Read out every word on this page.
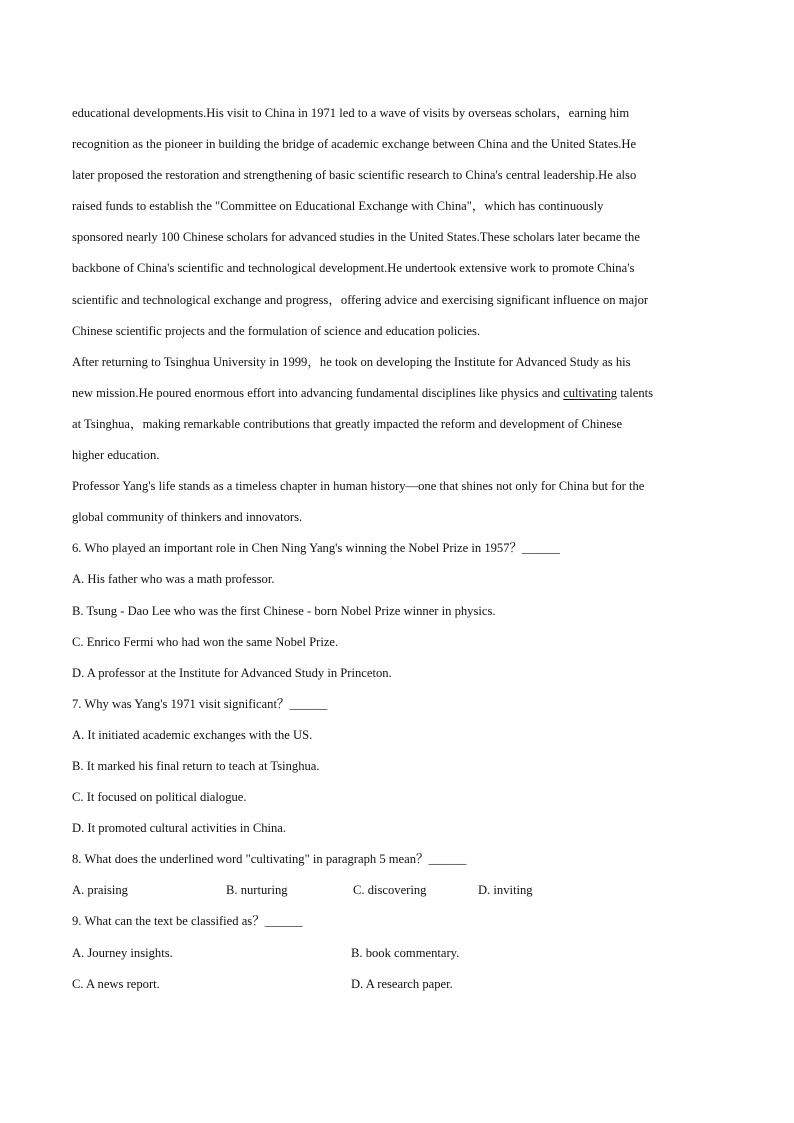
educational developments.His visit to China in 1971 led to a wave of visits by overseas scholars，earning him
recognition as the pioneer in building the bridge of academic exchange between China and the United States.He
later proposed the restoration and strengthening of basic scientific research to China's central leadership.He also
raised funds to establish the "Committee on Educational Exchange with China"，which has continuously
sponsored nearly 100 Chinese scholars for advanced studies in the United States.These scholars later became the
backbone of China's scientific and technological development.He undertook extensive work to promote China's
scientific and technological exchange and progress，offering advice and exercising significant influence on major
Chinese scientific projects and the formulation of science and education policies.
After returning to Tsinghua University in 1999，he took on developing the Institute for Advanced Study as his
new mission.He poured enormous effort into advancing fundamental disciplines like physics and cultivating talents
at Tsinghua，making remarkable contributions that greatly impacted the reform and development of Chinese
higher education.
Professor Yang's life stands as a timeless chapter in human history—one that shines not only for China but for the
global community of thinkers and innovators.
6. Who played an important role in Chen Ning Yang's winning the Nobel Prize in 1957？______
A. His father who was a math professor.
B. Tsung - Dao Lee who was the first Chinese - born Nobel Prize winner in physics.
C. Enrico Fermi who had won the same Nobel Prize.
D. A professor at the Institute for Advanced Study in Princeton.
7. Why was Yang's 1971 visit significant？______
A. It initiated academic exchanges with the US.
B. It marked his final return to teach at Tsinghua.
C. It focused on political dialogue.
D. It promoted cultural activities in China.
8. What does the underlined word "cultivating" in paragraph 5 mean？______
A. praising	B. nurturing	C. discovering	D. inviting
9. What can the text be classified as？______
A. Journey insights.	B. book commentary.
C. A news report.	D. A research paper.
